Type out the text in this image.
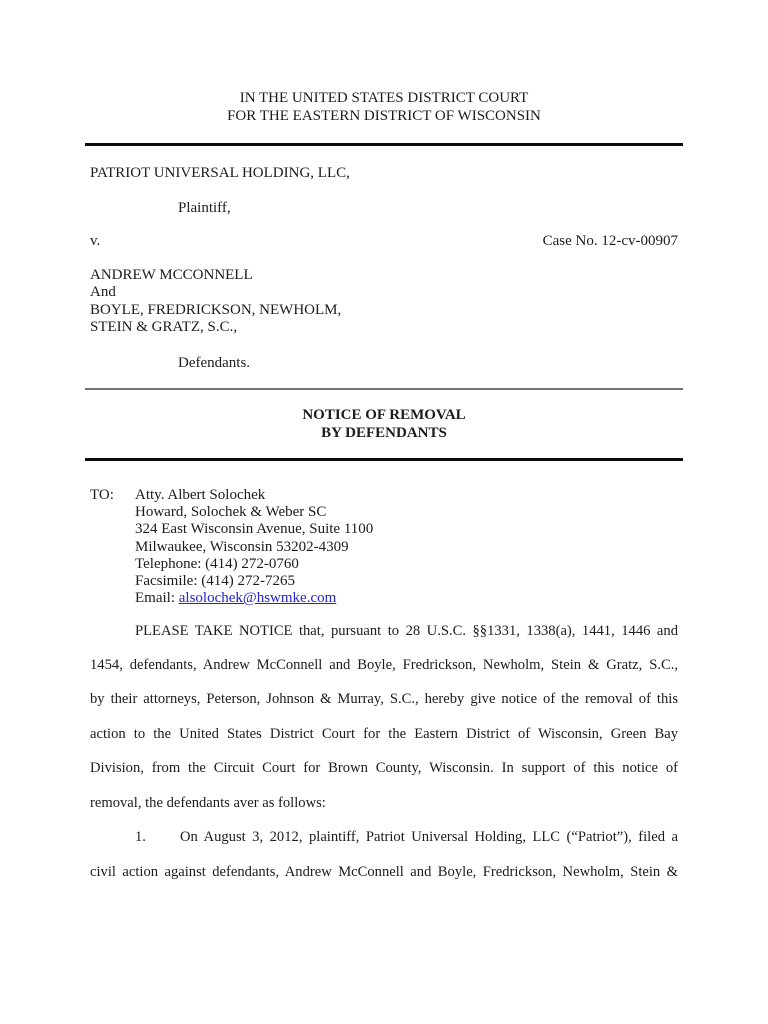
IN THE UNITED STATES DISTRICT COURT
FOR THE EASTERN DISTRICT OF WISCONSIN
PATRIOT UNIVERSAL HOLDING, LLC,
Plaintiff,
v.	Case No. 12-cv-00907
ANDREW MCCONNELL
And
BOYLE, FREDRICKSON, NEWHOLM,
STEIN & GRATZ, S.C.,
Defendants.
NOTICE OF REMOVAL
BY DEFENDANTS
TO: Atty. Albert Solochek
Howard, Solochek & Weber SC
324 East Wisconsin Avenue, Suite 1100
Milwaukee, Wisconsin 53202-4309
Telephone: (414) 272-0760
Facsimile: (414) 272-7265
Email: alsolochek@hswmke.com
PLEASE TAKE NOTICE that, pursuant to 28 U.S.C. §§1331, 1338(a), 1441, 1446 and
1454, defendants, Andrew McConnell and Boyle, Fredrickson, Newholm, Stein & Gratz, S.C.,
by their attorneys, Peterson, Johnson & Murray, S.C., hereby give notice of the removal of this
action to the United States District Court for the Eastern District of Wisconsin, Green Bay
Division, from the Circuit Court for Brown County, Wisconsin. In support of this notice of
removal, the defendants aver as follows:
1. On August 3, 2012, plaintiff, Patriot Universal Holding, LLC (“Patriot”), filed a
civil action against defendants, Andrew McConnell and Boyle, Fredrickson, Newholm, Stein &
